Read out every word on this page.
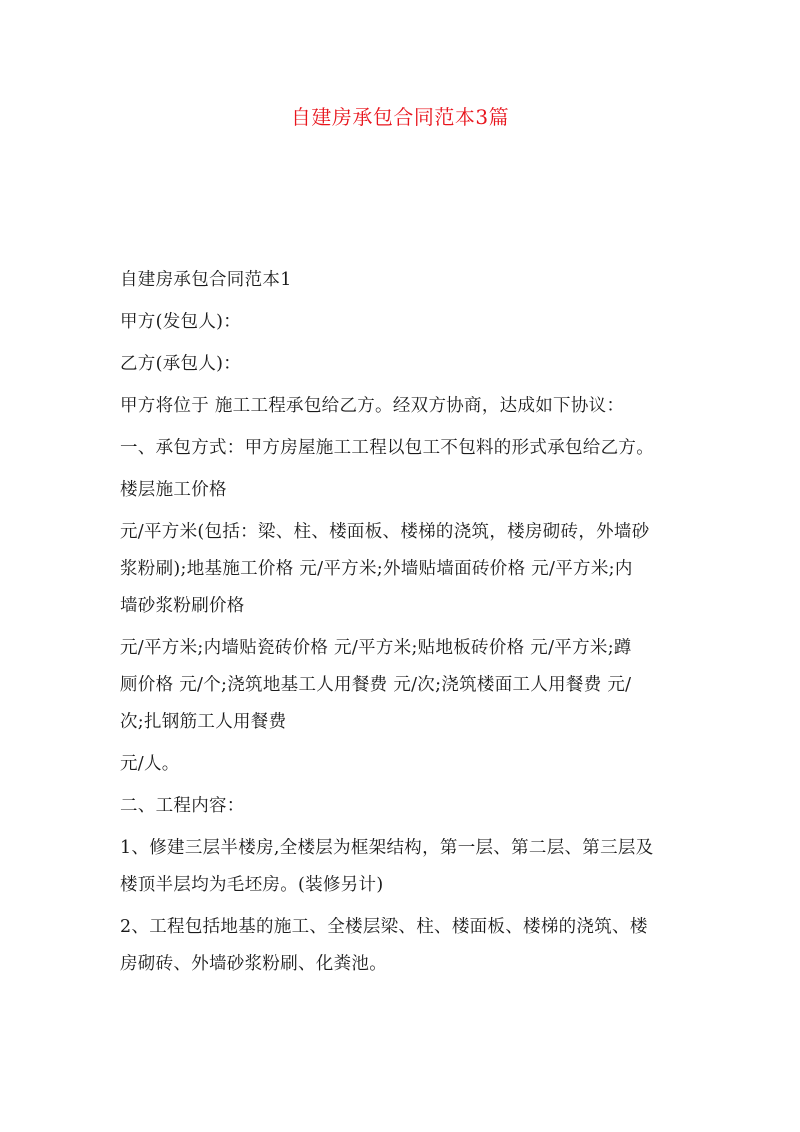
自建房承包合同范本3篇
自建房承包合同范本1
甲方(发包人)：
乙方(承包人)：
甲方将位于 施工工程承包给乙方。经双方协商，达成如下协议：
一、承包方式：甲方房屋施工工程以包工不包料的形式承包给乙方。
楼层施工价格
元/平方米(包括：梁、柱、楼面板、楼梯的浇筑，楼房砌砖，外墙砂
浆粉刷);地基施工价格 元/平方米;外墙贴墙面砖价格 元/平方米;内
墙砂浆粉刷价格
元/平方米;内墙贴瓷砖价格 元/平方米;贴地板砖价格 元/平方米;蹲
厕价格 元/个;浇筑地基工人用餐费 元/次;浇筑楼面工人用餐费 元/
次;扎钢筋工人用餐费
元/人。
二、工程内容：
1、修建三层半楼房,全楼层为框架结构，第一层、第二层、第三层及
楼顶半层均为毛坯房。(装修另计)
2、工程包括地基的施工、全楼层梁、柱、楼面板、楼梯的浇筑、楼
房砌砖、外墙砂浆粉刷、化粪池。
